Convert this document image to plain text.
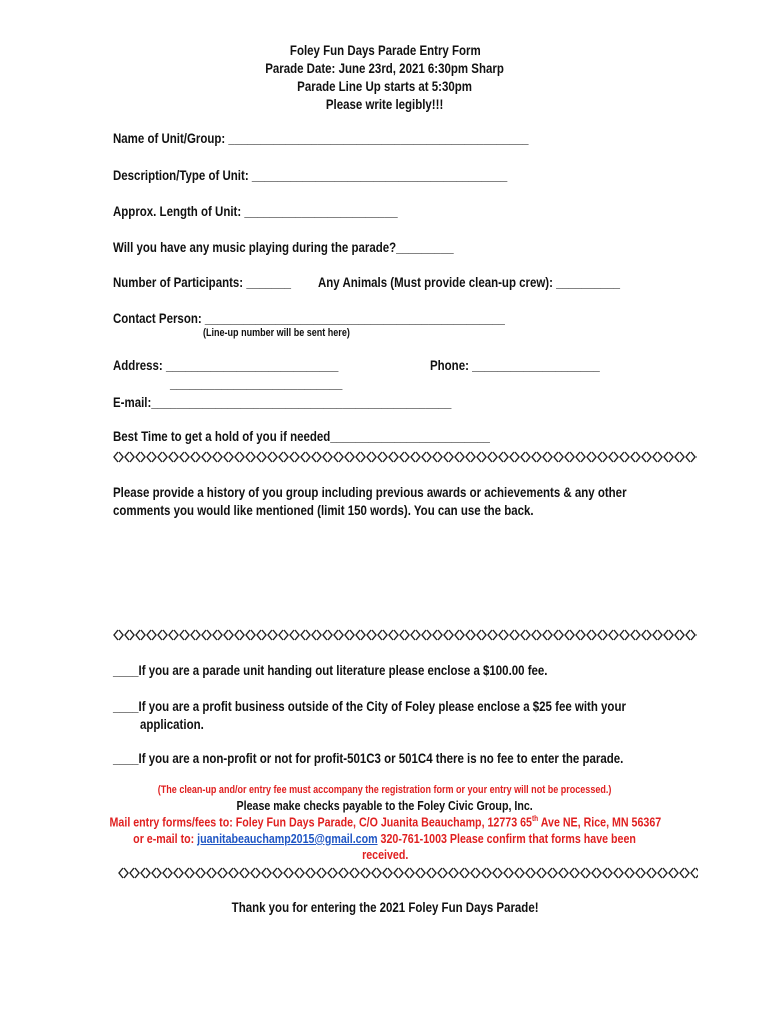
Foley Fun Days Parade Entry Form
Parade Date: June 23rd, 2021 6:30pm Sharp
Parade Line Up starts at 5:30pm
Please write legibly!!!
Name of Unit/Group: _______________________________________________
Description/Type of Unit: ________________________________________
Approx. Length of Unit: ________________________
Will you have any music playing during the parade?_________
Number of Participants: _______ Any Animals (Must provide clean-up crew): __________
Contact Person: _______________________________________________
(Line-up number will be sent here)
Address: ___________________________	Phone: ____________________
___________________________
E-mail:_______________________________________________
Best Time to get a hold of you if needed_________________________
Please provide a history of you group including previous awards or achievements & any other
comments you would like mentioned (limit 150 words). You can use the back.
____If you are a parade unit handing out literature please enclose a $100.00 fee.
____If you are a profit business outside of the City of Foley please enclose a $25 fee with your
application.
____If you are a non-profit or not for profit-501C3 or 501C4 there is no fee to enter the parade.
(The clean-up and/or entry fee must accompany the registration form or your entry will not be processed.)
Please make checks payable to the Foley Civic Group, Inc.
Mail entry forms/fees to: Foley Fun Days Parade, C/O Juanita Beauchamp, 12773 65th Ave NE, Rice, MN 56367
or e-mail to: juanitabeauchamp2015@gmail.com 320-761-1003 Please confirm that forms have been
received.
Thank you for entering the 2021 Foley Fun Days Parade!
